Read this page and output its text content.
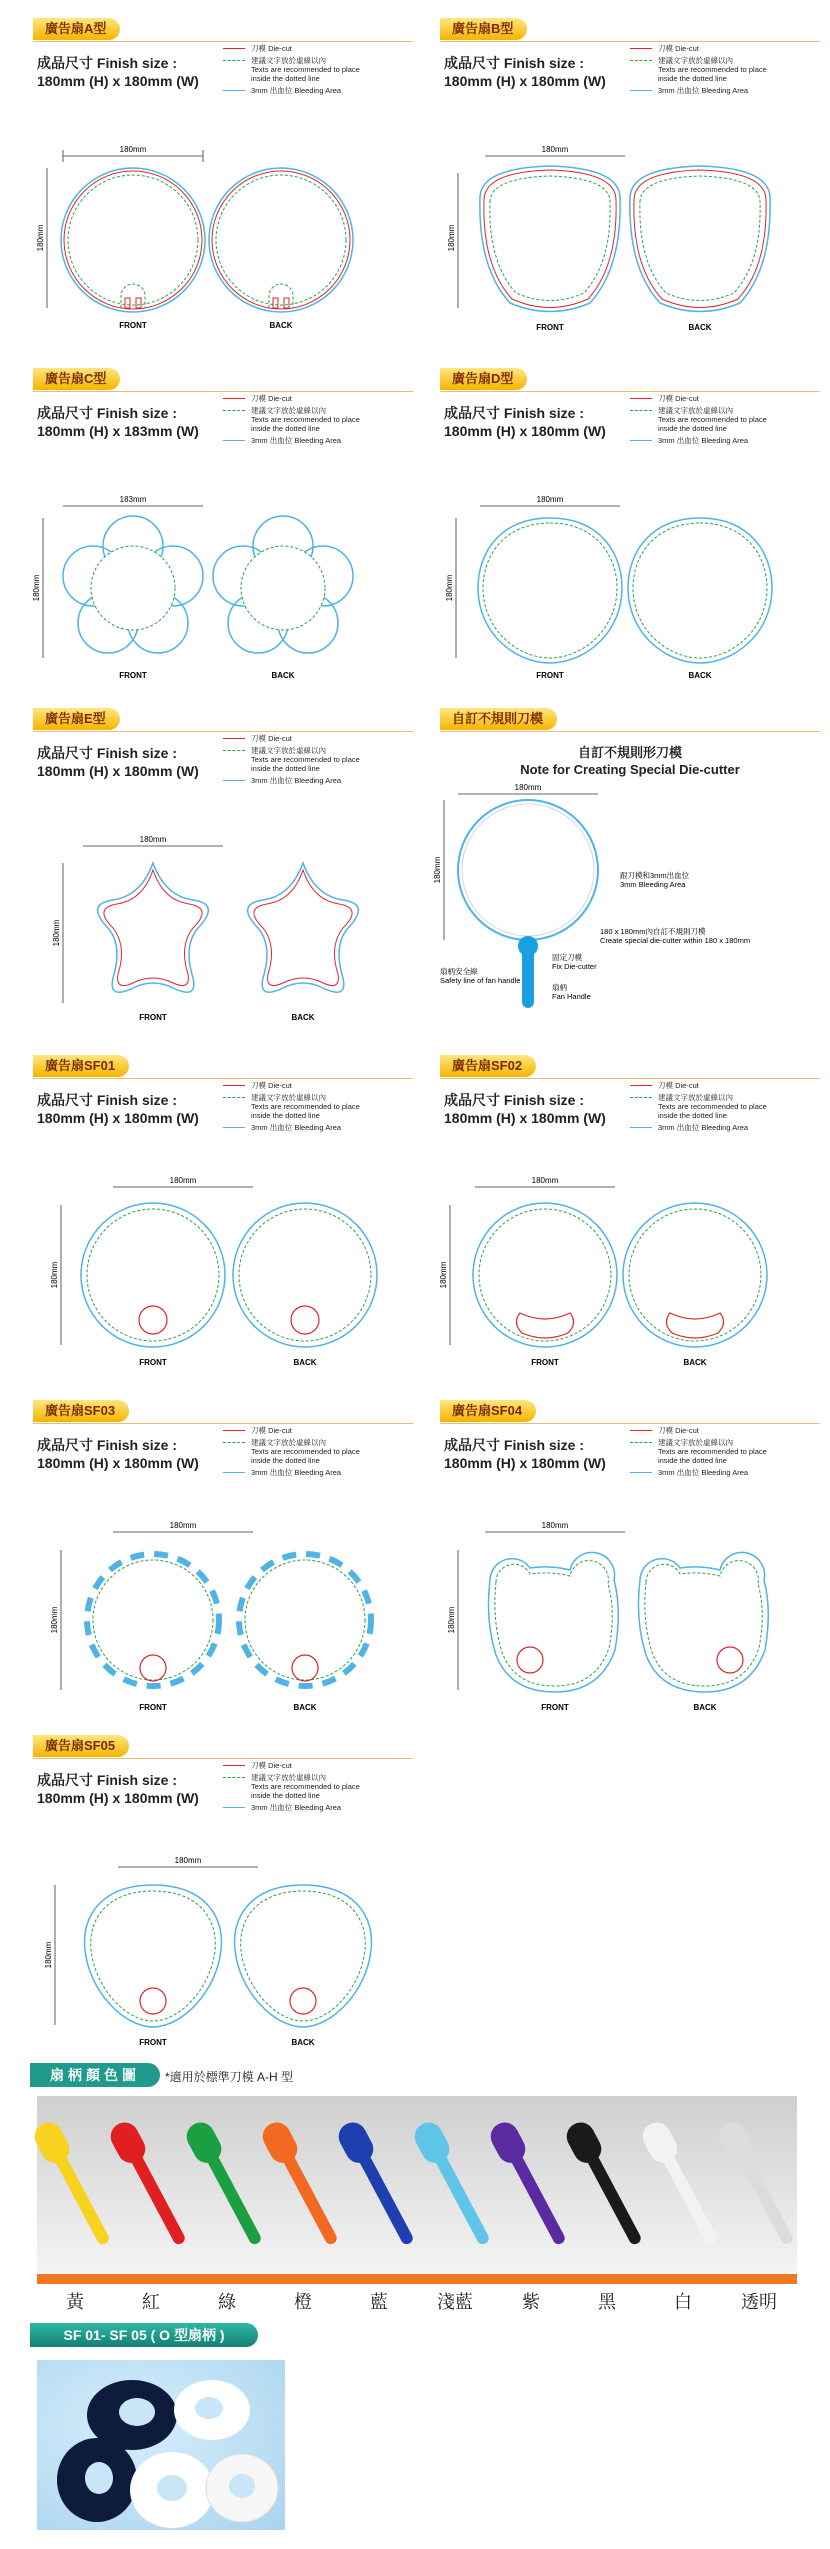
廣告扇A型
成品尺寸 Finish size :
180mm (H) x 180mm (W)
刀模 Die-cut
建議文字放於虛線以內
Texts are recommended to place
inside the dotted line
3mm 出血位 Bleeding Area
180mm
180mm
FRONT	BACK
廣告扇B型
成品尺寸 Finish size :
180mm (H) x 180mm (W)
刀模 Die-cut
建議文字放於虛線以內
Texts are recommended to place
inside the dotted line
3mm 出血位 Bleeding Area
180mm
180mm
FRONT	BACK
廣告扇C型
成品尺寸 Finish size :
180mm (H) x 183mm (W)
刀模 Die-cut
建議文字放於虛線以內
Texts are recommended to place
inside the dotted line
3mm 出血位 Bleeding Area
183mm
180mm
FRONT	BACK
廣告扇D型
成品尺寸 Finish size :
180mm (H) x 180mm (W)
刀模 Die-cut
建議文字放於虛線以內
Texts are recommended to place
inside the dotted line
3mm 出血位 Bleeding Area
180mm
180mm
FRONT	BACK
廣告扇E型
成品尺寸 Finish size :
180mm (H) x 180mm (W)
刀模 Die-cut
建議文字放於虛線以內
Texts are recommended to place
inside the dotted line
3mm 出血位 Bleeding Area
180mm
180mm
FRONT	BACK
自訂不規則刀模
自訂不規則形刀模
Note for Creating Special Die-cutter
180mm
180mm	跟刀模和3mm出血位
3mm Bleeding Area
180 x 180mm內自訂不規則刀模
Create special die-cutter within 180 x 180mm
固定刀模
Fix Die-cutter
扇柄安全線
Safety line of fan handle
扇柄
Fan Handle
廣告扇SF01
成品尺寸 Finish size :
180mm (H) x 180mm (W)
刀模 Die-cut
建議文字放於虛線以內
Texts are recommended to place
inside the dotted line
3mm 出血位 Bleeding Area
180mm
180mm
FRONT	BACK
廣告扇SF02
成品尺寸 Finish size :
180mm (H) x 180mm (W)
刀模 Die-cut
建議文字放於虛線以內
Texts are recommended to place
inside the dotted line
3mm 出血位 Bleeding Area
180mm
180mm
FRONT	BACK
廣告扇SF03
成品尺寸 Finish size :
180mm (H) x 180mm (W)
刀模 Die-cut
建議文字放於虛線以內
Texts are recommended to place
inside the dotted line
3mm 出血位 Bleeding Area
180mm
180mm
FRONT	BACK
廣告扇SF04
成品尺寸 Finish size :
180mm (H) x 180mm (W)
刀模 Die-cut
建議文字放於虛線以內
Texts are recommended to place
inside the dotted line
3mm 出血位 Bleeding Area
180mm
180mm
FRONT	BACK
廣告扇SF05
成品尺寸 Finish size :
180mm (H) x 180mm (W)
刀模 Die-cut
建議文字放於虛線以內
Texts are recommended to place
inside the dotted line
3mm 出血位 Bleeding Area
180mm
180mm
FRONT	BACK
扇柄顏色圖	*適用於標準刀模 A-H 型
黃	紅	綠	橙	藍	淺藍	紫	黑	白	透明
SF 01- SF 05 ( O 型扇柄 )
